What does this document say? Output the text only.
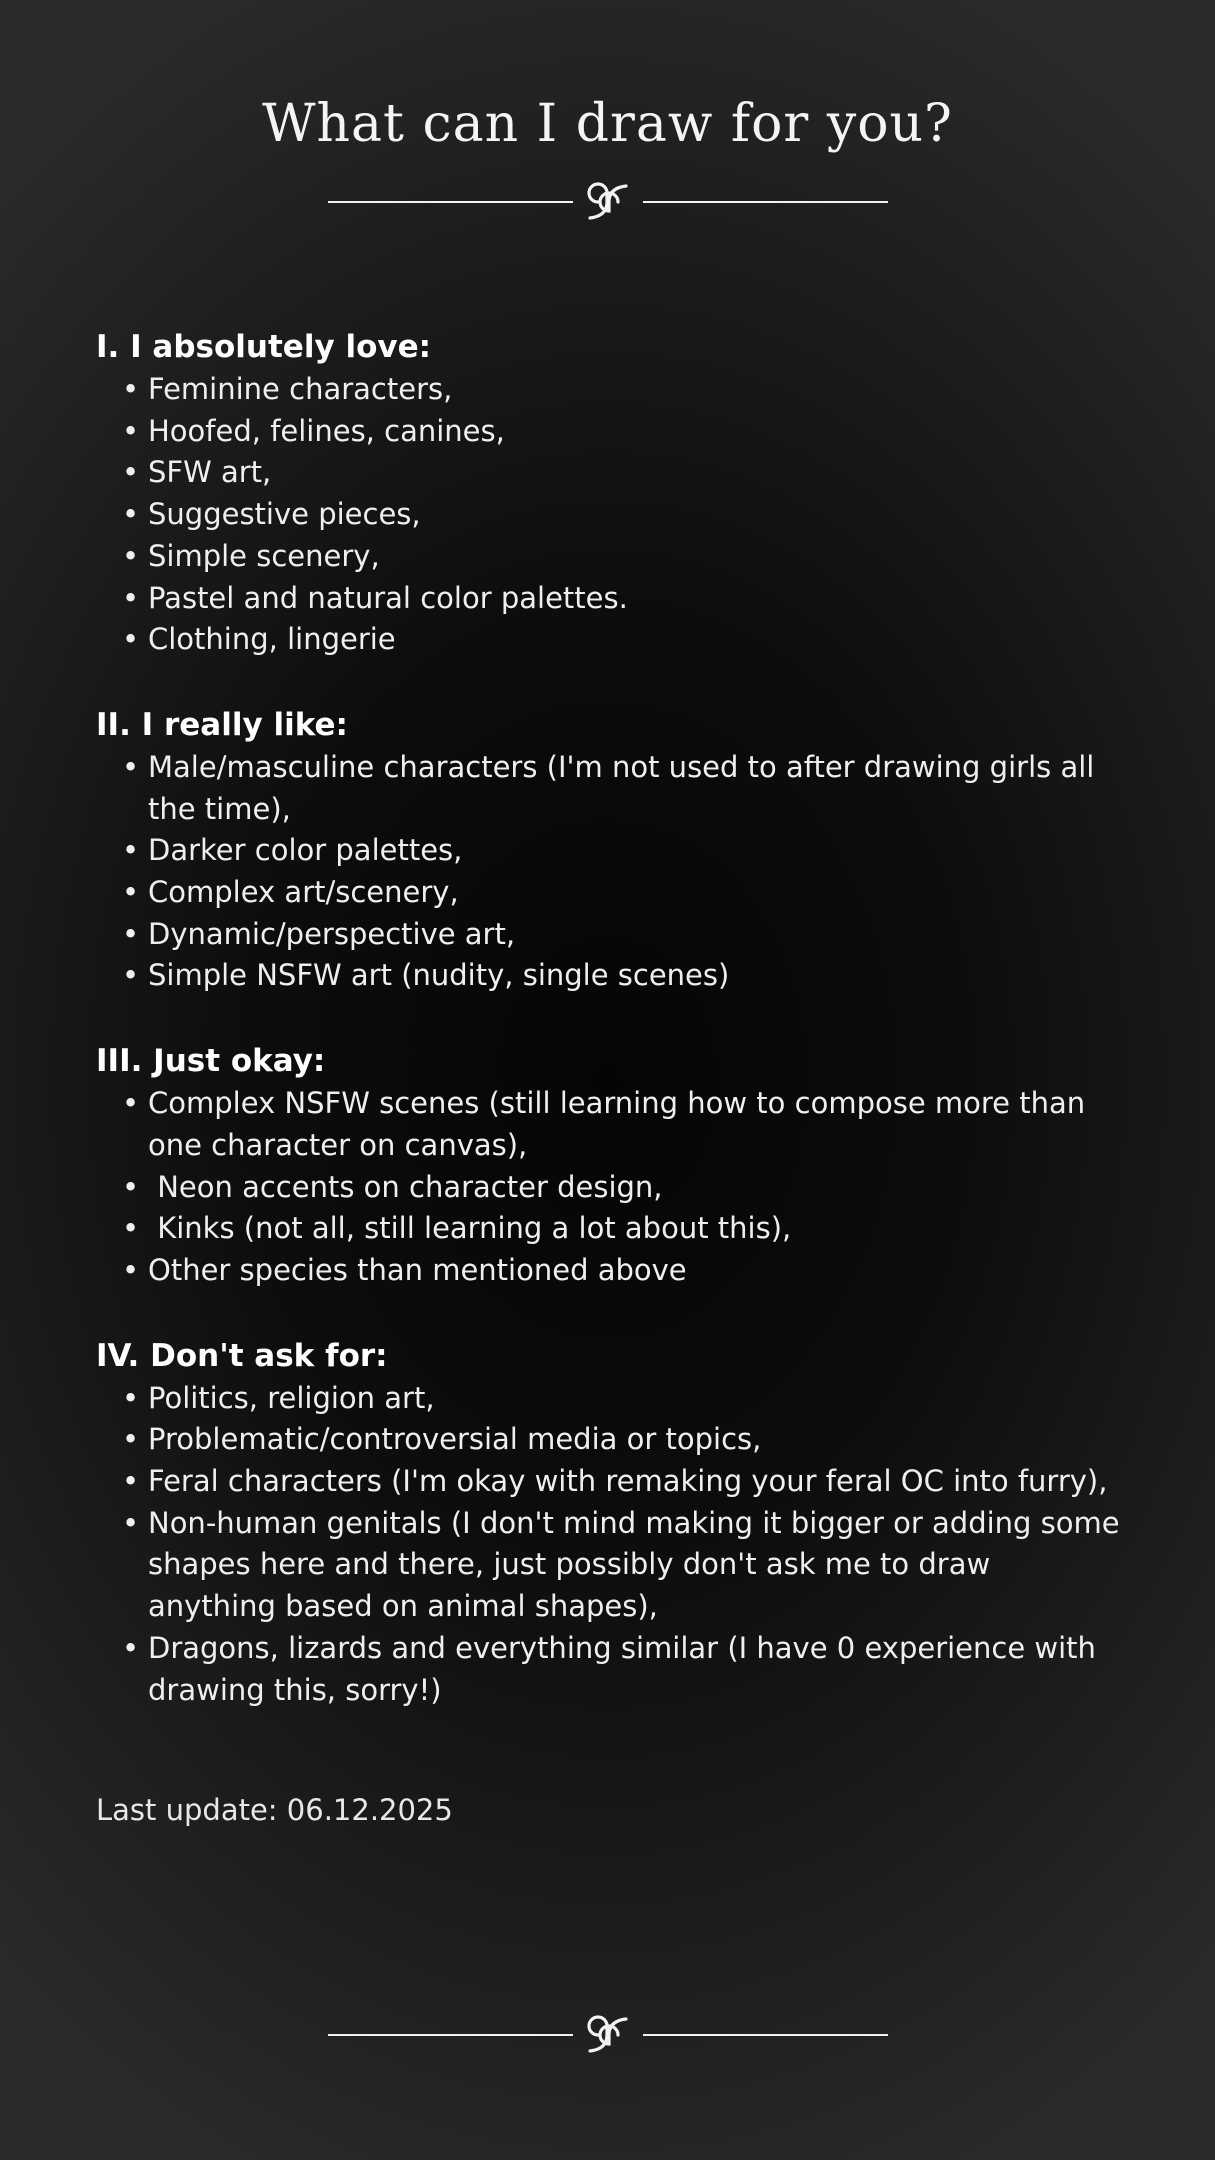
What can I draw for you?
I. I absolutely love:
• Feminine characters,
• Hoofed, felines, canines,
• SFW art,
• Suggestive pieces,
• Simple scenery,
• Pastel and natural color palettes.
• Clothing, lingerie
II. I really like:
• Male/masculine characters (I'm not used to after drawing girls all the time),
• Darker color palettes,
• Complex art/scenery,
• Dynamic/perspective art,
• Simple NSFW art (nudity, single scenes)
III. Just okay:
• Complex NSFW scenes (still learning how to compose more than one character on canvas),
•  Neon accents on character design,
•  Kinks (not all, still learning a lot about this),
• Other species than mentioned above
IV. Don't ask for:
• Politics, religion art,
• Problematic/controversial media or topics,
• Feral characters (I'm okay with remaking your feral OC into furry),
• Non-human genitals (I don't mind making it bigger or adding some shapes here and there, just possibly don't ask me to draw anything based on animal shapes),
• Dragons, lizards and everything similar (I have 0 experience with drawing this, sorry!)
Last update: 06.12.2025
